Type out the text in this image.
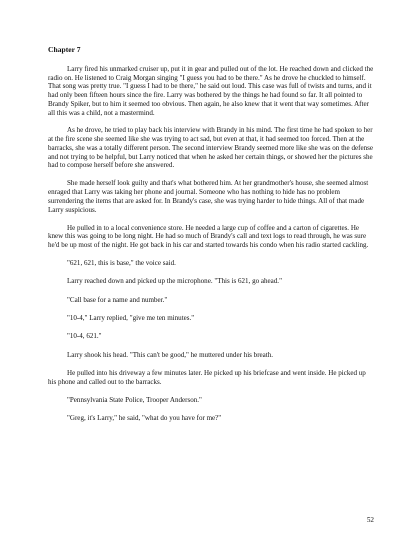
Chapter 7

Larry fired his unmarked cruiser up, put it in gear and pulled out of the lot. He reached down and clicked the radio on. He listened to Craig Morgan singing "I guess you had to be there." As he drove he chuckled to himself. That song was pretty true. "I guess I had to be there," he said out loud. This case was full of twists and turns, and it had only been fifteen hours since the fire. Larry was bothered by the things he had found so far. It all pointed to Brandy Spiker, but to him it seemed too obvious. Then again, he also knew that it went that way sometimes. After all this was a child, not a mastermind.

As he drove, he tried to play back his interview with Brandy in his mind. The first time he had spoken to her at the fire scene she seemed like she was trying to act sad, but even at that, it had seemed too forced. Then at the barracks, she was a totally different person. The second interview Brandy seemed more like she was on the defense and not trying to be helpful, but Larry noticed that when he asked her certain things, or showed her the pictures she had to compose herself before she answered.

She made herself look guilty and that's what bothered him. At her grandmother's house, she seemed almost enraged that Larry was taking her phone and journal. Someone who has nothing to hide has no problem surrendering the items that are asked for. In Brandy's case, she was trying harder to hide things. All of that made Larry suspicious.

He pulled in to a local convenience store. He needed a large cup of coffee and a carton of cigarettes. He knew this was going to be long night. He had so much of Brandy's call and text logs to read through, he was sure he'd be up most of the night. He got back in his car and started towards his condo when his radio started cackling.

"621, 621, this is base," the voice said.

Larry reached down and picked up the microphone. "This is 621, go ahead."

"Call base for a name and number."

"10-4," Larry replied, "give me ten minutes."

"10-4, 621."

Larry shook his head. "This can't be good," he muttered under his breath.

He pulled into his driveway a few minutes later. He picked up his briefcase and went inside. He picked up his phone and called out to the barracks.

"Pennsylvania State Police, Trooper Anderson."

"Greg, it's Larry," he said, "what do you have for me?"

52
